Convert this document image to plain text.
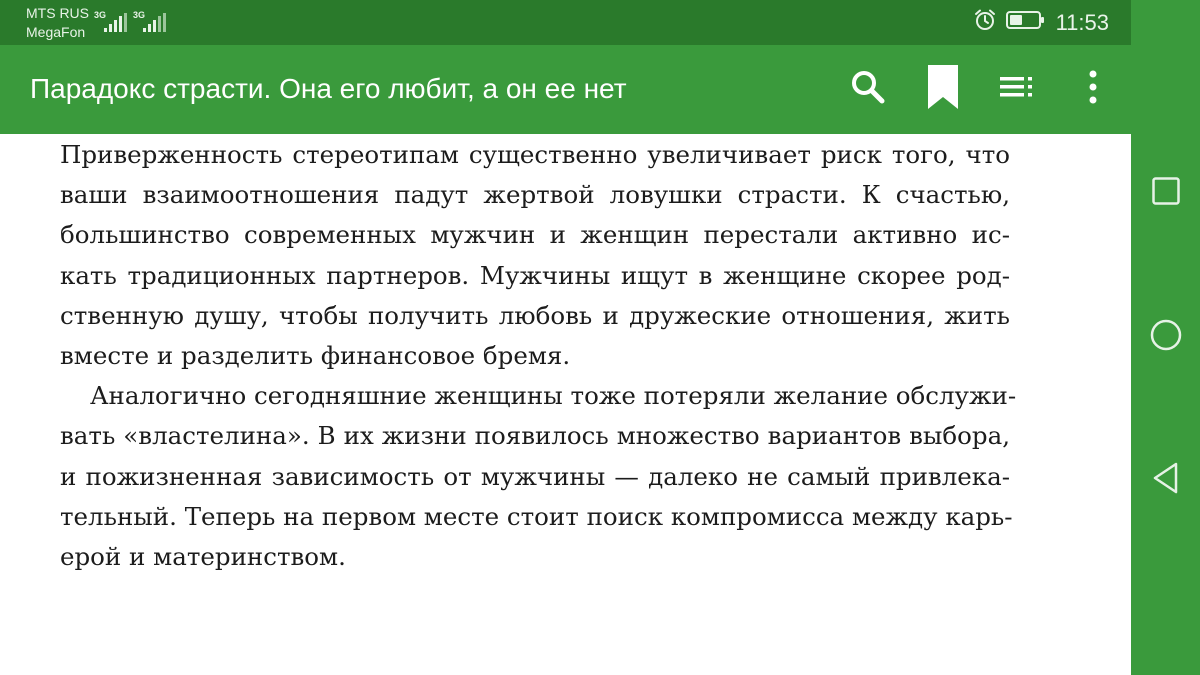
MTS RUS
MegaFon
3G	3G	11:53
Парадокс страсти. Она его любит, а он ее нет
Приверженность стереотипам существенно увеличивает риск того, что
ваши взаимоотношения падут жертвой ловушки страсти. К счастью,
большинство современных мужчин и женщин перестали активно ис-
кать традиционных партнеров. Мужчины ищут в женщине скорее род-
ственную душу, чтобы получить любовь и дружеские отношения, жить
вместе и разделить финансовое бремя.
Аналогично сегодняшние женщины тоже потеряли желание обслужи-
вать «властелина». В их жизни появилось множество вариантов выбора,
и пожизненная зависимость от мужчины — далеко не самый привлека-
тельный. Теперь на первом месте стоит поиск компромисса между карь-
ерой и материнством.
